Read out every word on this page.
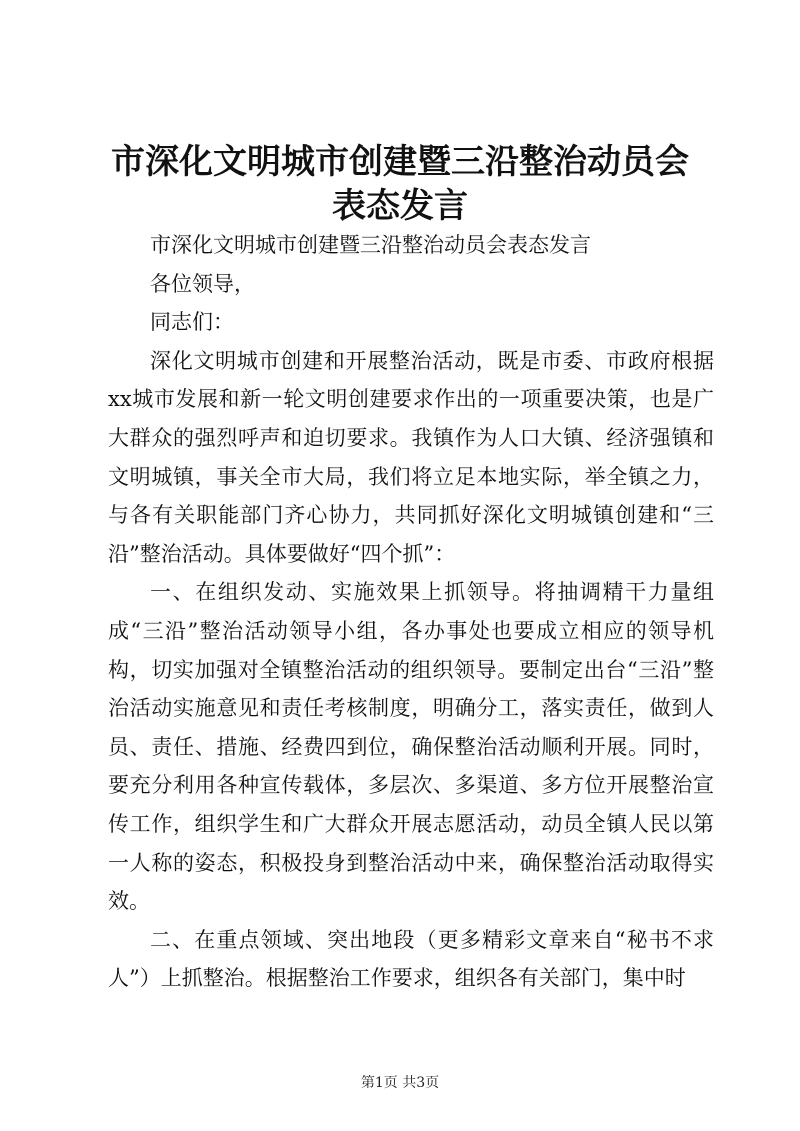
市深化文明城市创建暨三沿整治动员会表态发言

市深化文明城市创建暨三沿整治动员会表态发言

各位领导，

同志们：

深化文明城市创建和开展整治活动，既是市委、市政府根据xx城市发展和新一轮文明创建要求作出的一项重要决策，也是广大群众的强烈呼声和迫切要求。我镇作为人口大镇、经济强镇和文明城镇，事关全市大局，我们将立足本地实际，举全镇之力，与各有关职能部门齐心协力，共同抓好深化文明城镇创建和“三沿”整治活动。具体要做好“四个抓”：

一、在组织发动、实施效果上抓领导。将抽调精干力量组成“三沿”整治活动领导小组，各办事处也要成立相应的领导机构，切实加强对全镇整治活动的组织领导。要制定出台“三沿”整治活动实施意见和责任考核制度，明确分工，落实责任，做到人员、责任、措施、经费四到位，确保整治活动顺利开展。同时，要充分利用各种宣传载体，多层次、多渠道、多方位开展整治宣传工作，组织学生和广大群众开展志愿活动，动员全镇人民以第一人称的姿态，积极投身到整治活动中来，确保整治活动取得实效。

二、在重点领域、突出地段（更多精彩文章来自“秘书不求人”）上抓整治。根据整治工作要求，组织各有关部门，集中时

第1页 共3页
